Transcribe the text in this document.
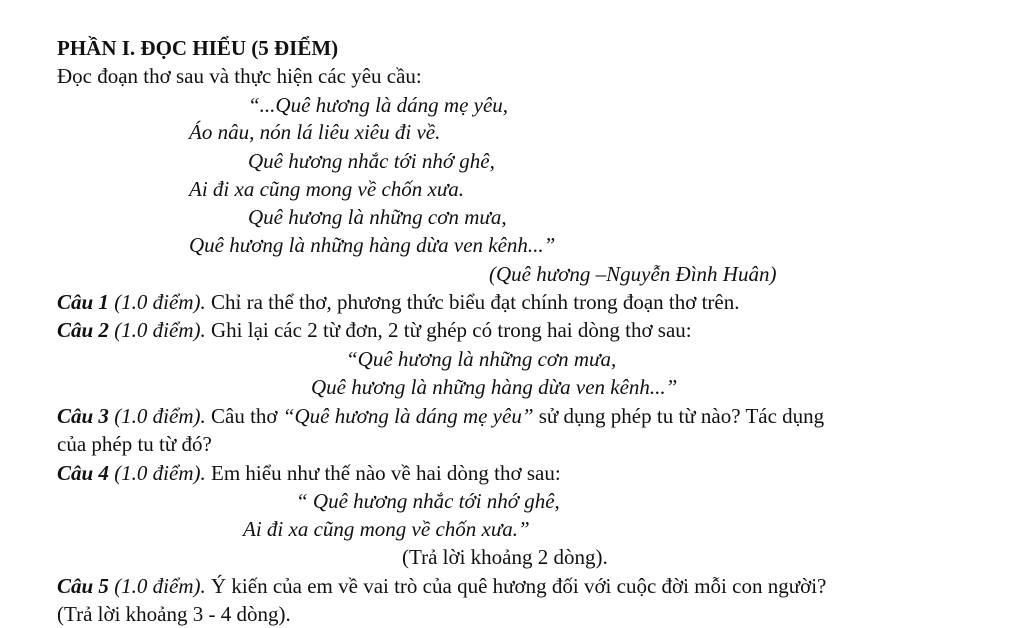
PHẦN I. ĐỌC HIỂU (5 ĐIỂM)
Đọc đoạn thơ sau và thực hiện các yêu cầu:
“...Quê hương là dáng mẹ yêu,
Áo nâu, nón lá liêu xiêu đi về.
Quê hương nhắc tới nhớ ghê,
Ai đi xa cũng mong về chốn xưa.
Quê hương là những cơn mưa,
Quê hương là những hàng dừa ven kênh...”
(Quê hương –Nguyễn Đình Huân)
Câu 1 (1.0 điểm). Chỉ ra thể thơ, phương thức biểu đạt chính trong đoạn thơ trên.
Câu 2 (1.0 điểm). Ghi lại các 2 từ đơn, 2 từ ghép có trong hai dòng thơ sau:
“Quê hương là những cơn mưa,
Quê hương là những hàng dừa ven kênh...”
Câu 3 (1.0 điểm). Câu thơ “Quê hương là dáng mẹ yêu” sử dụng phép tu từ nào? Tác dụng
của phép tu từ đó?
Câu 4 (1.0 điểm). Em hiểu như thế nào về hai dòng thơ sau:
“ Quê hương nhắc tới nhớ ghê,
Ai đi xa cũng mong về chốn xưa.”
(Trả lời khoảng 2 dòng).
Câu 5 (1.0 điểm). Ý kiến của em về vai trò của quê hương đối với cuộc đời mỗi con người?
(Trả lời khoảng 3 - 4 dòng).
